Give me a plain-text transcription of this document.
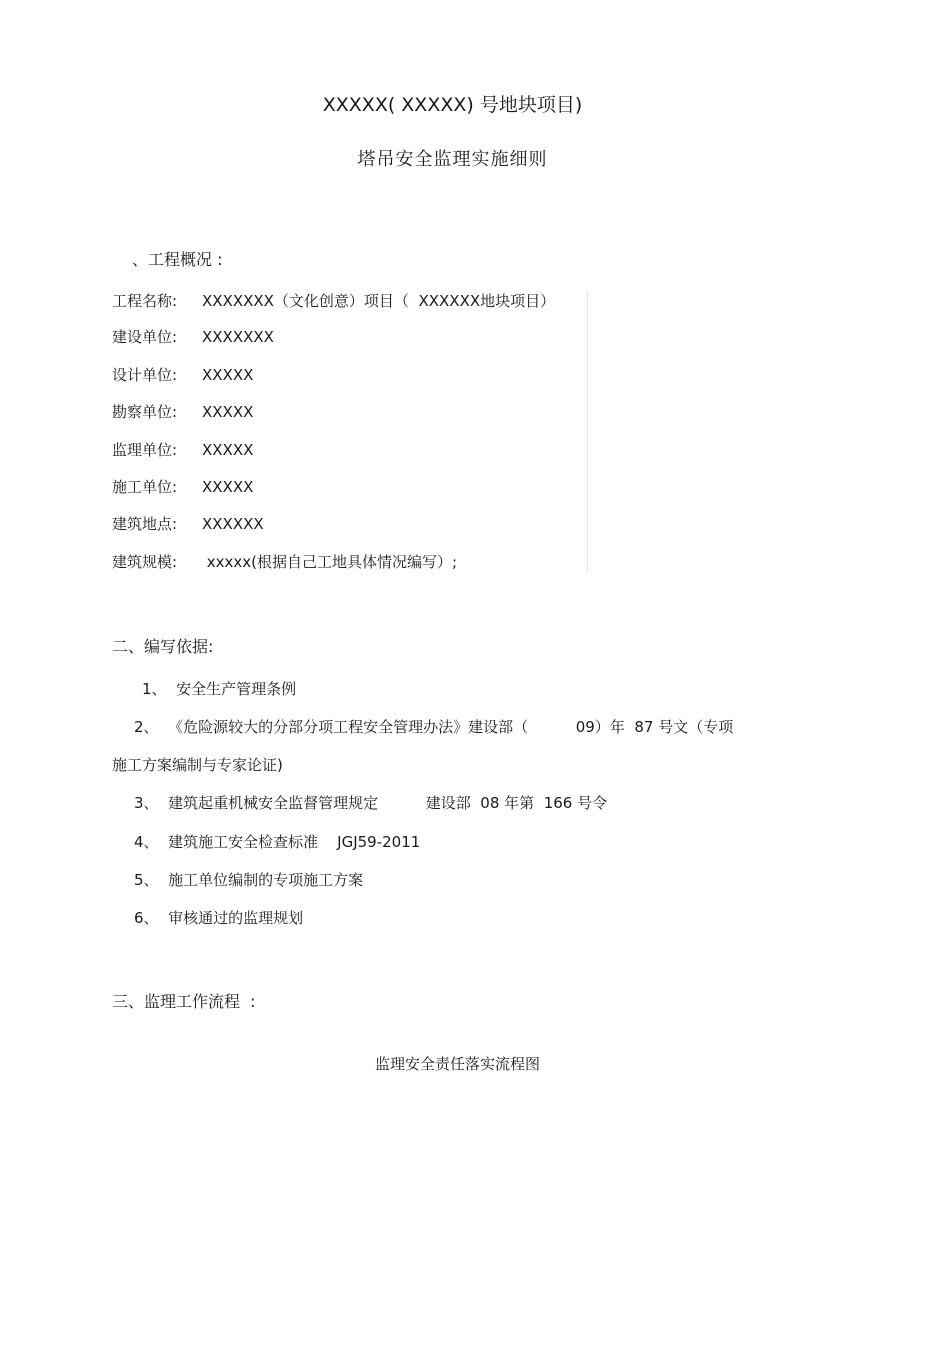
XXXXX( XXXXX) 号地块项目)
塔吊安全监理实施细则
、工程概况 :
工程名称: XXXXXXX（文化创意）项目（  XXXXXX地块项目）
建设单位: XXXXXXX
设计单位: XXXXX
勘察单位: XXXXX
监理单位: XXXXX
施工单位: XXXXX
建筑地点: XXXXXX
建筑规模: xxxxx(根据自己工地具体情况编写）;
二、编写依据:
1、  安全生产管理条例
2、  《危险源较大的分部分项工程安全管理办法》建设部（          09）年  87 号文（专项
施工方案编制与专家论证)
3、  建筑起重机械安全监督管理规定          建设部  08 年第  166 号令
4、  建筑施工安全检查标准    JGJ59-2011
5、  施工单位编制的专项施工方案
6、  审核通过的监理规划
三、监理工作流程  :
监理安全责任落实流程图
